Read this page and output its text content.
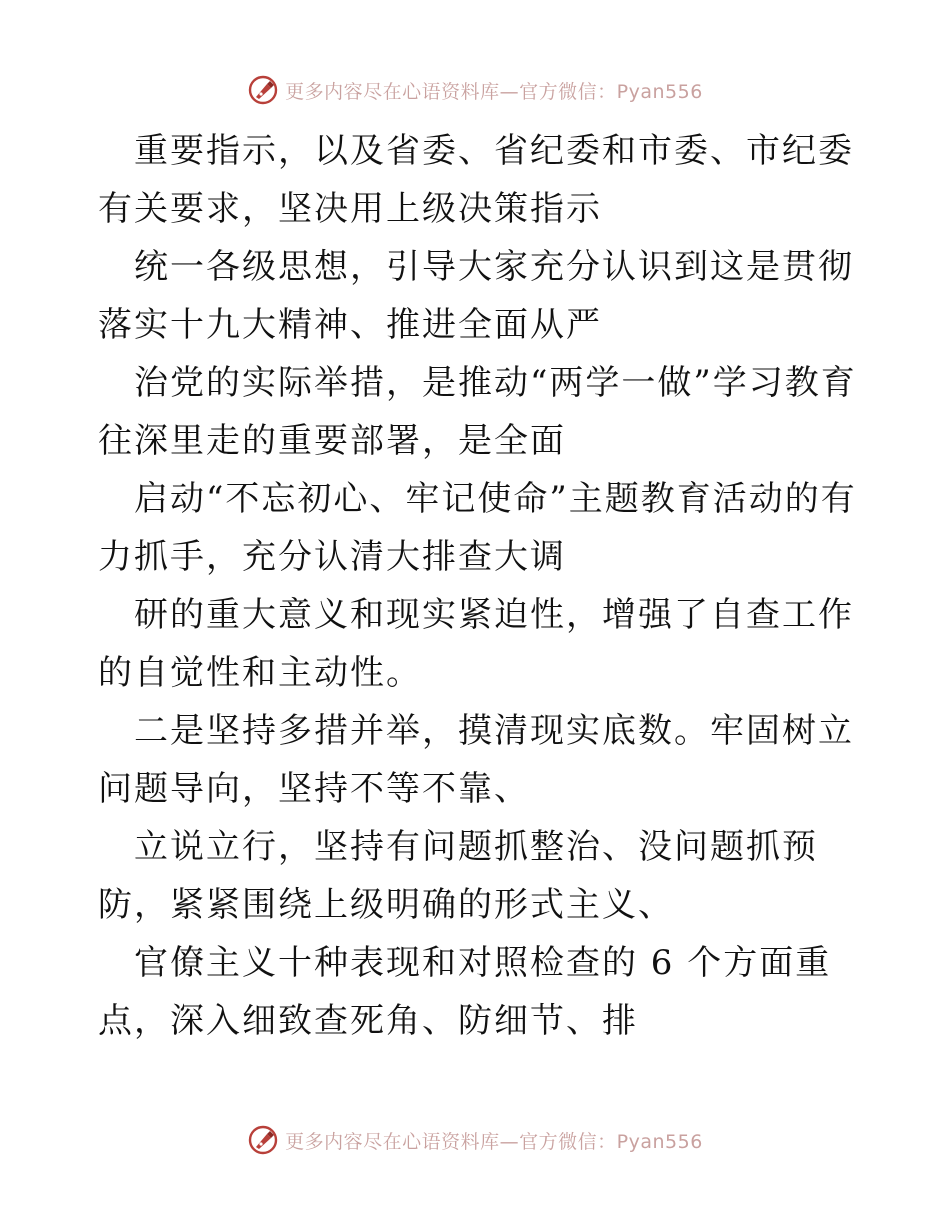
更多内容尽在心语资料库—官方微信：Pyan556

重要指示，以及省委、省纪委和市委、市纪委有关要求，坚决用上级决策指示

统一各级思想，引导大家充分认识到这是贯彻落实十九大精神、推进全面从严

治党的实际举措，是推动“两学一做”学习教育往深里走的重要部署，是全面

启动“不忘初心、牢记使命”主题教育活动的有力抓手，充分认清大排查大调

研的重大意义和现实紧迫性，增强了自查工作的自觉性和主动性。

二是坚持多措并举，摸清现实底数。牢固树立问题导向，坚持不等不靠、

立说立行，坚持有问题抓整治、没问题抓预防，紧紧围绕上级明确的形式主义、

官僚主义十种表现和对照检查的 6 个方面重点，深入细致查死角、防细节、排

更多内容尽在心语资料库—官方微信：Pyan556
